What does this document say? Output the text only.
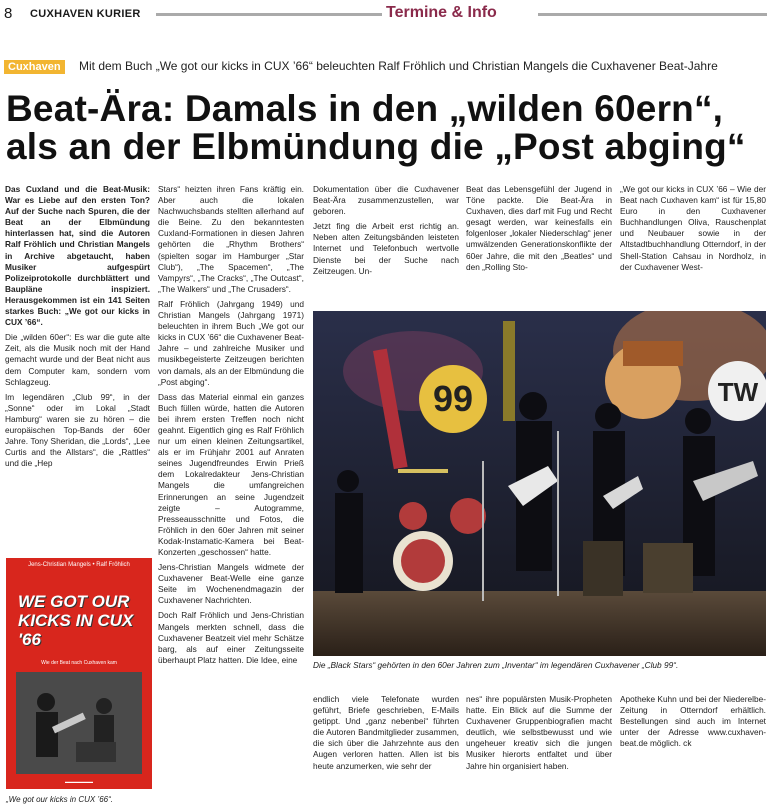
8 CUXHAVEN KURIER	Termine & Info
Cuxhaven	Mit dem Buch „We got our kicks in CUX ’66“ beleuchten Ralf Fröhlich und Christian Mangels die Cuxhavener Beat-Jahre
Beat-Ära: Damals in den „wilden 60ern“,
als an der Elbmündung die „Post abging“

Das Cuxland und die Beat-Musik: War es Liebe auf den ersten Ton? Auf der Suche nach Spuren, die der Beat an der Elbmündung hinterlassen hat, sind die Autoren Ralf Fröhlich und Christian Mangels in Archive abgetaucht, haben Musiker aufgespürt Polizeiprotokolle durchblättert und Baupläne inspiziert. Herausgekommen ist ein 141 Seiten starkes Buch: „We got our kicks in CUX ’66“.

Die „wilden 60er“: Es war die gute alte Zeit, als die Musik noch mit der Hand gemacht wurde und der Beat nicht aus dem Computer kam, sondern vom Schlagzeug.

Im legendären „Club 99“, in der „Sonne“ oder im Lokal „Stadt Hamburg“ waren sie zu hören – die europäischen Top-Bands der 60er Jahre. Tony Sheridan, die „Lords“, „Lee Curtis and the Allstars“, die „Rattles“ und die „Hep

Jens-Christian Mangels • Ralf Fröhlich
WE GOT OUR KICKS IN CUX '66
Wie der Beat nach Cuxhaven kam
▬▬▬▬▬▬▬
„We got our kicks in CUX ’66“.

Stars“ heizten ihren Fans kräftig ein. Aber auch die lokalen Nachwuchsbands stellten allerhand auf die Beine. Zu den bekanntesten Cuxland-Formationen in diesen Jahren gehörten die „Rhythm Brothers“ (spielten sogar im Hamburger „Star Club“), „The Spacemen“, „The Vampyrs“, „The Cracks“, „The Outcast“, „The Walkers“ und „The Crusaders“.

Ralf Fröhlich (Jahrgang 1949) und Christian Mangels (Jahrgang 1971) beleuchten in ihrem Buch „We got our kicks in CUX ’66“ die Cuxhavener Beat-Jahre – und zahlreiche Musiker und musikbegeisterte Zeitzeugen berichten von damals, als an der Elbmündung die „Post abging“.

Dass das Material einmal ein ganzes Buch füllen würde, hatten die Autoren bei ihrem ersten Treffen noch nicht geahnt. Eigentlich ging es Ralf Fröhlich nur um einen kleinen Zeitungsartikel, als er im Frühjahr 2001 auf Anraten seines Jugendfreundes Erwin Prieß dem Lokalredakteur Jens-Christian Mangels die umfangreichen Erinnerungen an seine Jugendzeit zeigte – Autogramme, Presseausschnitte und Fotos, die Fröhlich in den 60er Jahren mit seiner Kodak-Instamatic-Kamera bei Beat-Konzerten „geschossen“ hatte.

Jens-Christian Mangels widmete der Cuxhavener Beat-Welle eine ganze Seite im Wochenendmagazin der Cuxhavener Nachrichten.

Doch Ralf Fröhlich und Jens-Christian Mangels merkten schnell, dass die Cuxhavener Beatzeit viel mehr Schätze barg, als auf einer Zeitungsseite überhaupt Platz hatten. Die Idee, eine

Dokumentation über die Cuxhavener Beat-Ära zusammenzustellen, war geboren.

Jetzt fing die Arbeit erst richtig an. Neben alten Zeitungsbänden leisteten Internet und Telefonbuch wertvolle Dienste bei der Suche nach Zeitzeugen. Un-

Beat das Lebensgefühl der Jugend in Töne packte. Die Beat-Ära in Cuxhaven, dies darf mit Fug und Recht gesagt werden, war keinesfalls ein folgenloser „lokaler Niederschlag“ jener umwälzenden Generationskonflikte der 60er Jahre, die mit den „Beatles“ und den „Rolling Sto-

„We got our kicks in CUX ’66 – Wie der Beat nach Cuxhaven kam“ ist für 15,80 Euro in den Cuxhavener Buchhandlungen Oliva, Rauschenplat und Neubauer sowie in der Altstadtbuchhandlung Otterndorf, in der Shell-Station Cahsau in Nordholz, in der Cuxhavener West-

99	TW
Die „Black Stars“ gehörten in den 60er Jahren zum „Inventar“ im legendären Cuxhavener „Club 99“.

endlich viele Telefonate wurden geführt, Briefe geschrieben, E-Mails getippt. Und „ganz nebenbei“ führten die Autoren Bandmitglieder zusammen, die sich über die Jahrzehnte aus den Augen verloren hatten. Allen ist bis heute anzumerken, wie sehr der

nes“ ihre populärsten Musik-Propheten hatte. Ein Blick auf die Summe der Cuxhavener Gruppenbiografien macht deutlich, wie selbstbewusst und wie ungeheuer kreativ sich die jungen Musiker hierorts entfaltet und über Jahre hin organisiert haben.

Apotheke Kuhn und bei der Niederelbe-Zeitung in Otterndorf erhältlich. Bestellungen sind auch im Internet unter der Adresse www.cuxhaven-beat.de möglich. ck
